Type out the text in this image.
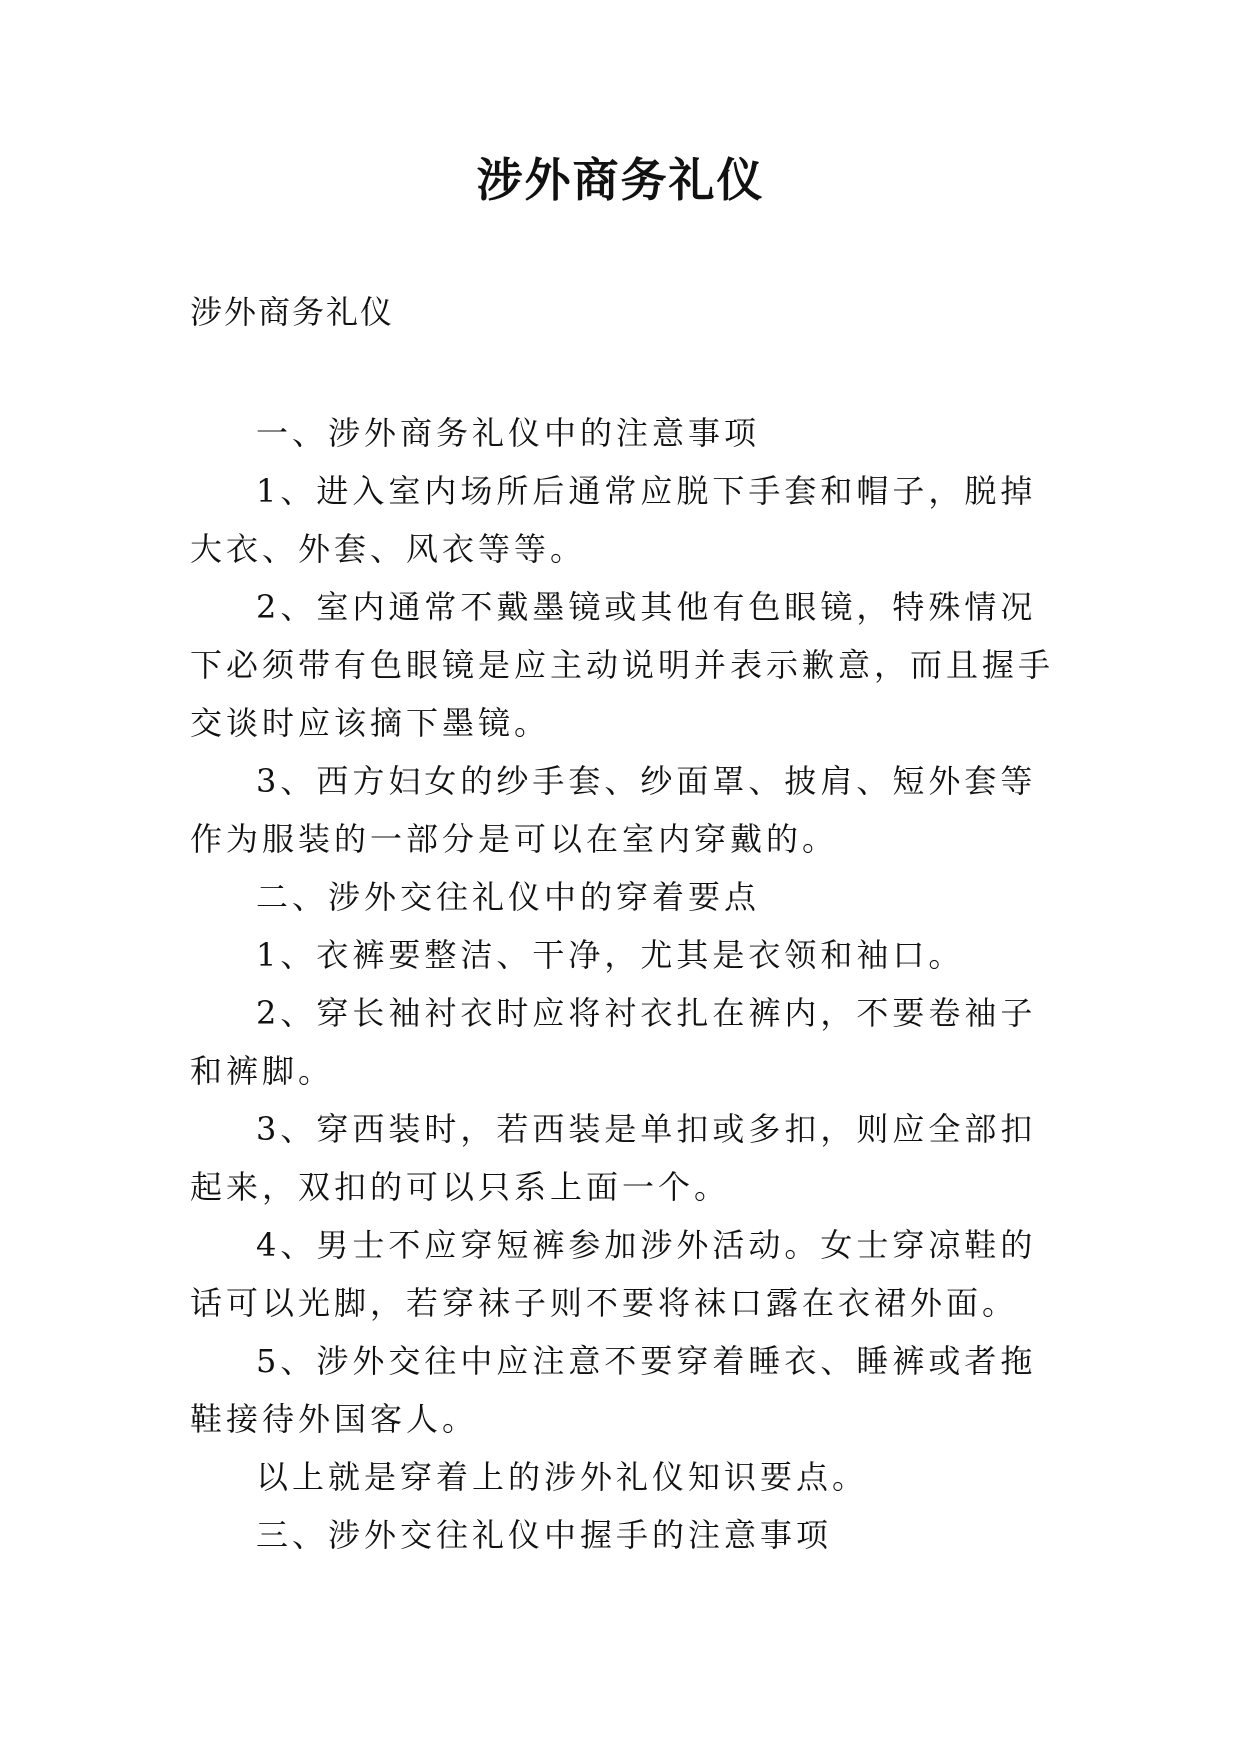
涉外商务礼仪
涉外商务礼仪

一、涉外商务礼仪中的注意事项

1、进入室内场所后通常应脱下手套和帽子，脱掉大衣、外套、风衣等等。

2、室内通常不戴墨镜或其他有色眼镜，特殊情况下必须带有色眼镜是应主动说明并表示歉意，而且握手交谈时应该摘下墨镜。

3、西方妇女的纱手套、纱面罩、披肩、短外套等作为服装的一部分是可以在室内穿戴的。

二、涉外交往礼仪中的穿着要点

1、衣裤要整洁、干净，尤其是衣领和袖口。

2、穿长袖衬衣时应将衬衣扎在裤内，不要卷袖子和裤脚。

3、穿西装时，若西装是单扣或多扣，则应全部扣起来，双扣的可以只系上面一个。

4、男士不应穿短裤参加涉外活动。女士穿凉鞋的话可以光脚，若穿袜子则不要将袜口露在衣裙外面。

5、涉外交往中应注意不要穿着睡衣、睡裤或者拖鞋接待外国客人。

以上就是穿着上的涉外礼仪知识要点。

三、涉外交往礼仪中握手的注意事项
